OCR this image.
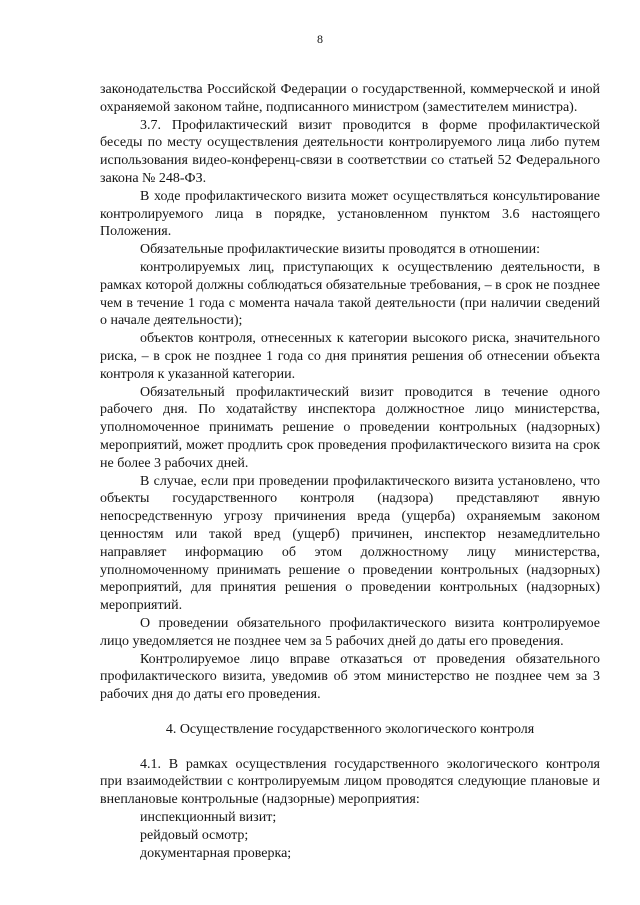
8

законодательства Российской Федерации о государственной, коммерческой и иной охраняемой законом тайне, подписанного министром (заместителем министра).

3.7. Профилактический визит проводится в форме профилактической беседы по месту осуществления деятельности контролируемого лица либо путем использования видео-конференц-связи в соответствии со статьей 52 Федерального закона № 248-ФЗ.

В ходе профилактического визита может осуществляться консультирование контролируемого лица в порядке, установленном пунктом 3.6 настоящего Положения.

Обязательные профилактические визиты проводятся в отношении:

контролируемых лиц, приступающих к осуществлению деятельности, в рамках которой должны соблюдаться обязательные требования, – в срок не позднее чем в течение 1 года с момента начала такой деятельности (при наличии сведений о начале деятельности);

объектов контроля, отнесенных к категории высокого риска, значительного риска, – в срок не позднее 1 года со дня принятия решения об отнесении объекта контроля к указанной категории.

Обязательный профилактический визит проводится в течение одного рабочего дня. По ходатайству инспектора должностное лицо министерства, уполномоченное принимать решение о проведении контрольных (надзорных) мероприятий, может продлить срок проведения профилактического визита на срок не более 3 рабочих дней.

В случае, если при проведении профилактического визита установлено, что объекты государственного контроля (надзора) представляют явную непосредственную угрозу причинения вреда (ущерба) охраняемым законом ценностям или такой вред (ущерб) причинен, инспектор незамедлительно направляет информацию об этом должностному лицу министерства, уполномоченному принимать решение о проведении контрольных (надзорных) мероприятий, для принятия решения о проведении контрольных (надзорных) мероприятий.

О проведении обязательного профилактического визита контролируемое лицо уведомляется не позднее чем за 5 рабочих дней до даты его проведения.

Контролируемое лицо вправе отказаться от проведения обязательного профилактического визита, уведомив об этом министерство не позднее чем за 3 рабочих дня до даты его проведения.

4. Осуществление государственного экологического контроля

4.1. В рамках осуществления государственного экологического контроля при взаимодействии с контролируемым лицом проводятся следующие плановые и внеплановые контрольные (надзорные) мероприятия:

инспекционный визит;

рейдовый осмотр;

документарная проверка;
